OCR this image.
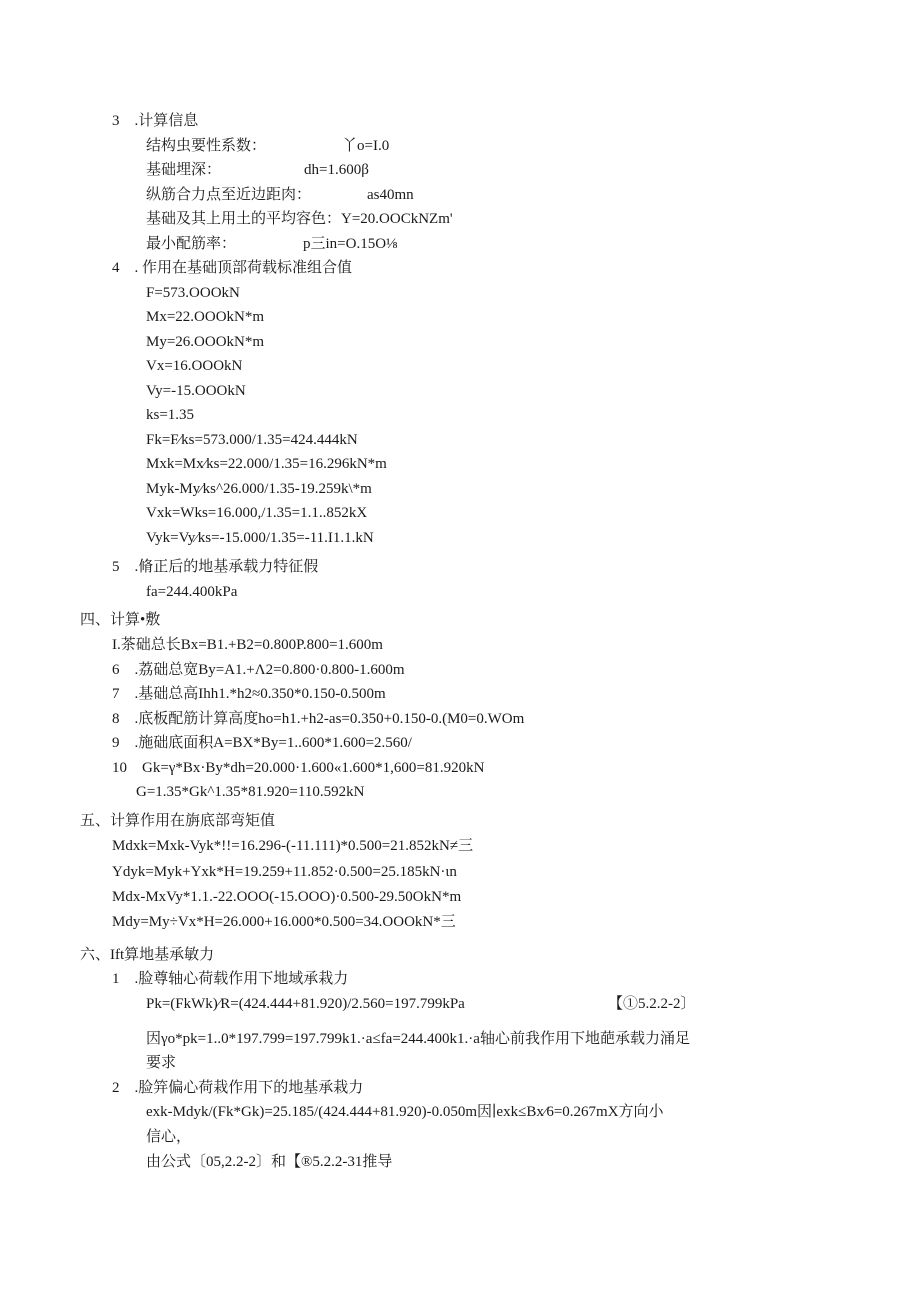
3　.计算信息
结构虫要性系数：	丫o=I.0
基础埋深：	dh=1.600β
纵筋合力点至近边距肉：	as40mn
基础及其上用土的平均容色：Y=20.OOCkNZm'
最小配筋率：	p三in=O.15O⅛
4　. 作用在基础顶部荷载标准组合值
F=573.OOOkN
Mx=22.OOOkN*m
My=26.OOOkN*m
Vx=16.OOOkN
Vy=-15.OOOkN
ks=1.35
Fk=F⁄ks=573.000/1.35=424.444kN
Mxk=Mx⁄ks=22.000/1.35=16.296kN*m
Myk-My⁄ks^26.000/1.35-19.259k\*m
Vxk=Wks=16.000,/1.35=1.1..852kX
Vyk=Vy⁄ks=-15.000/1.35=-11.I1.1.kN
5　.脩正后的地基承载力特征假
fa=244.400kPa
四、计算•敷
I.茶础总长Bx=B1.+B2=0.800P.800=1.600m
6　.荔础总宽By=A1.+Λ2=0.800·0.800-1.600m
7　.基础总高Ihh1.*h2≈0.350*0.150-0.500m
8　.底板配筋计算高度ho=h1.+h2-as=0.350+0.150-0.(M0=0.WOm
9　.施础底面积A=BX*By=1..600*1.600=2.560/
10　Gk=γ*Bx·By*dh=20.000·1.600«1.600*1,600=81.920kN
G=1.35*Gk^1.35*81.920=110.592kN
五、计算作用在旃底部弯矩值
Mdxk=Mxk-Vyk*!!=16.296-(-11.111)*0.500=21.852kN≠三
Ydyk=Myk+Yxk*H=19.259+11.852·0.500=25.185kN·ιn
Mdx-MxVy*1.1.-22.OOO(-15.OOO)·0.500-29.50OkN*m
Mdy=My÷Vx*H=26.000+16.000*0.500=34.OOOkN*三
六、Ift算地基承敏力
1　.脸尊轴心荷载作用下地域承栽力
Pk=(FkWk)⁄R=(424.444+81.920)/2.560=197.799kPa	【①5.2.2-2〕
因γo*pk=1..0*197.799=197.799k1.·a≤fa=244.400k1.·a轴心前我作用下地葩承载力涌足
要求
2　.脸笄偏心荷栽作用下的地基承栽力
exk-Mdyk/(Fk*Gk)=25.185/(424.444+81.920)-0.050m因∣exk≤Bx⁄6=0.267mX方向小
信心，
由公式〔05,2.2-2〕和【®5.2.2-31推导
